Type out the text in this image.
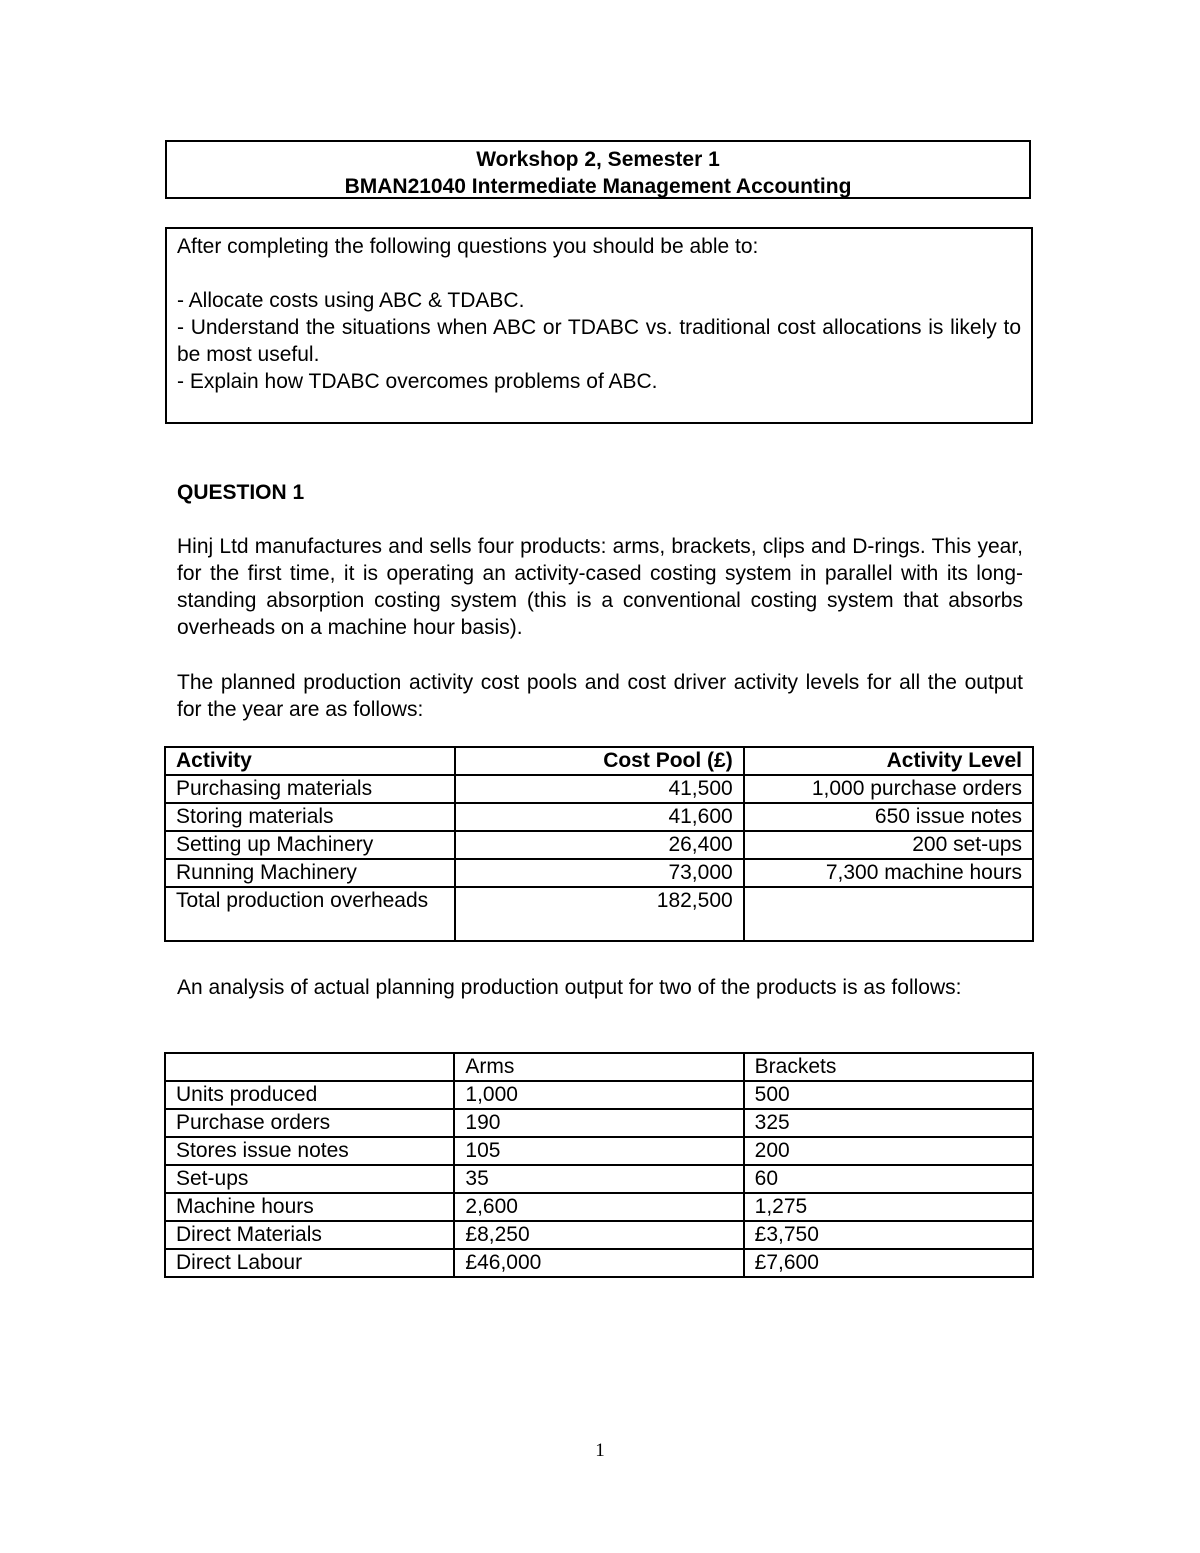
Workshop 2, Semester 1
BMAN21040 Intermediate Management Accounting
After completing the following questions you should be able to:
- Allocate costs using ABC & TDABC.
- Understand the situations when ABC or TDABC vs. traditional cost allocations is likely to be most useful.
- Explain how TDABC overcomes problems of ABC.
QUESTION 1
Hinj Ltd manufactures and sells four products: arms, brackets, clips and D-rings. This year, for the first time, it is operating an activity-cased costing system in parallel with its long-standing absorption costing system (this is a conventional costing system that absorbs overheads on a machine hour basis).
The planned production activity cost pools and cost driver activity levels for all the output for the year are as follows:
Activity	Cost Pool (£)	Activity Level
Purchasing materials	41,500	1,000 purchase orders
Storing materials	41,600	650 issue notes
Setting up Machinery	26,400	200 set-ups
Running Machinery	73,000	7,300 machine hours
Total production overheads	182,500	
An analysis of actual planning production output for two of the products is as follows:
	Arms	Brackets
Units produced	1,000	500
Purchase orders	190	325
Stores issue notes	105	200
Set-ups	35	60
Machine hours	2,600	1,275
Direct Materials	£8,250	£3,750
Direct Labour	£46,000	£7,600
1
